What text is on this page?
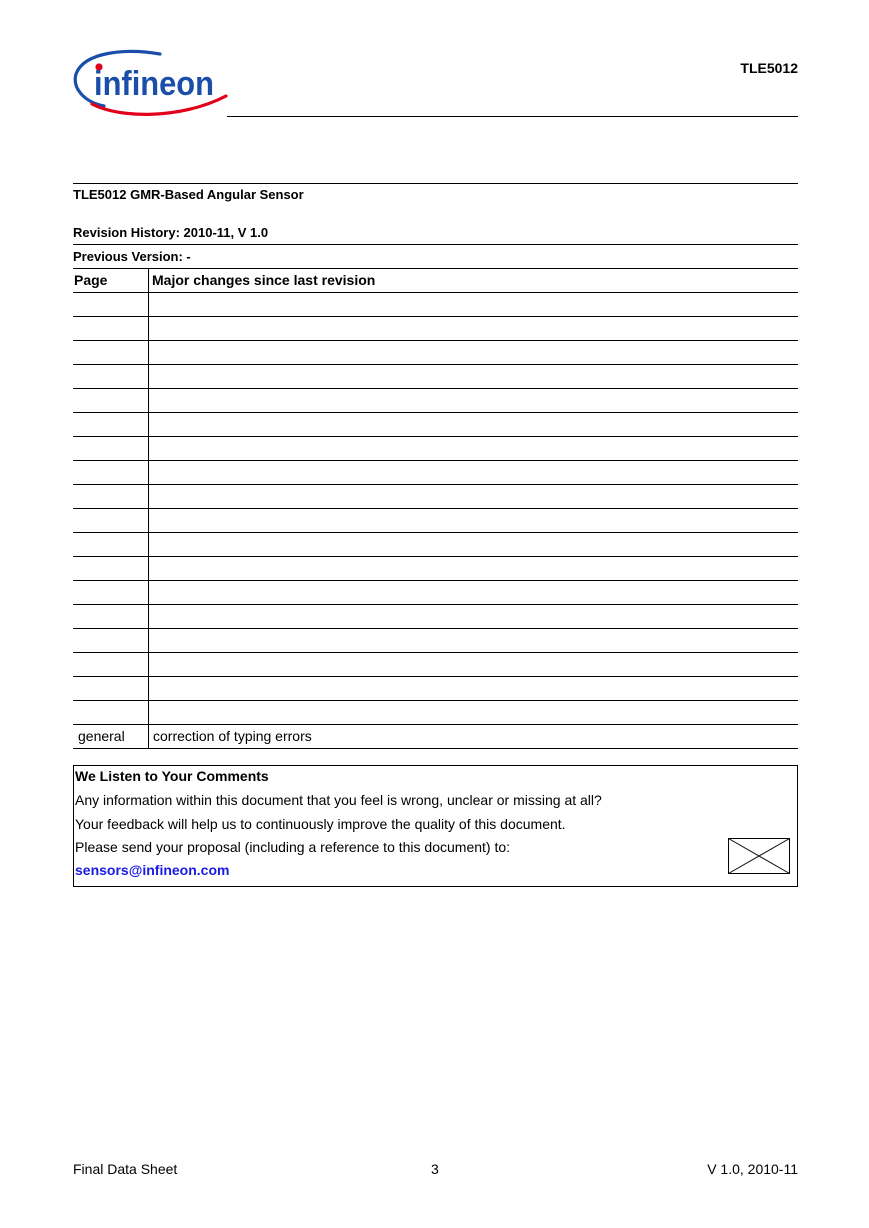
infineon	TLE5012
TLE5012 GMR-Based Angular Sensor
Revision History: 2010-11, V 1.0
Previous Version: -
Page	Major changes since last revision
general	correction of typing errors
We Listen to Your Comments
Any information within this document that you feel is wrong, unclear or missing at all?
Your feedback will help us to continuously improve the quality of this document.
Please send your proposal (including a reference to this document) to:
sensors@infineon.com
Final Data Sheet	3	V 1.0, 2010-11
